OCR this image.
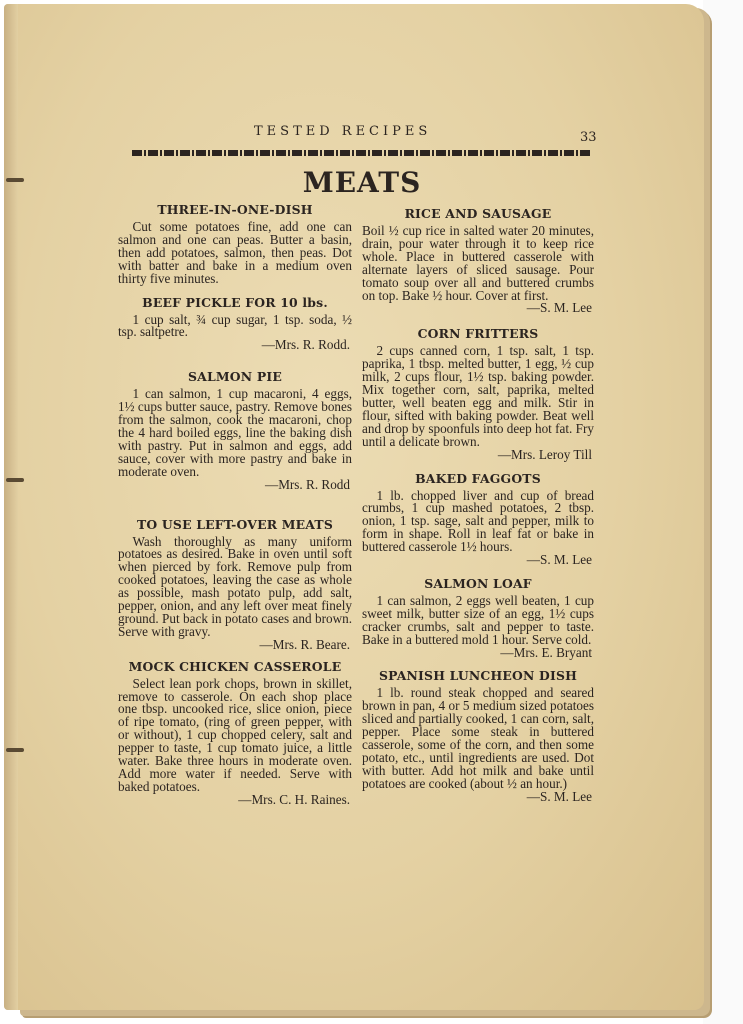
TESTED RECIPES	33
MEATS
THREE-IN-ONE-DISH

Cut some potatoes fine, add one can salmon and one can peas. Butter a basin, then add potatoes, salmon, then peas. Dot with batter and bake in a medium oven thirty five minutes.

BEEF PICKLE FOR 10 lbs.

1 cup salt, ¾ cup sugar, 1 tsp. soda, ½ tsp. saltpetre.

—Mrs. R. Rodd.

SALMON PIE

1 can salmon, 1 cup macaroni, 4 eggs, 1½ cups butter sauce, pastry. Remove bones from the salmon, cook the macaroni, chop the 4 hard boiled eggs, line the baking dish with pastry. Put in salmon and eggs, add sauce, cover with more pastry and bake in moderate oven.

—Mrs. R. Rodd

TO USE LEFT-OVER MEATS

Wash thoroughly as many uniform potatoes as desired. Bake in oven until soft when pierced by fork. Remove pulp from cooked potatoes, leaving the case as whole as possible, mash potato pulp, add salt, pepper, onion, and any left over meat finely ground. Put back in potato cases and brown. Serve with gravy.

—Mrs. R. Beare.

MOCK CHICKEN CASSEROLE

Select lean pork chops, brown in skillet, remove to casserole. On each shop place one tbsp. uncooked rice, slice onion, piece of ripe tomato, (ring of green pepper, with or without), 1 cup chopped celery, salt and pepper to taste, 1 cup tomato juice, a little water. Bake three hours in moderate oven. Add more water if needed. Serve with baked potatoes.

—Mrs. C. H. Raines.

RICE AND SAUSAGE

Boil ½ cup rice in salted water 20 minutes, drain, pour water through it to keep rice whole. Place in buttered casserole with alternate layers of sliced sausage. Pour tomato soup over all and buttered crumbs on top. Bake ½ hour. Cover at first.

—S. M. Lee

CORN FRITTERS

2 cups canned corn, 1 tsp. salt, 1 tsp. paprika, 1 tbsp. melted butter, 1 egg, ½ cup milk, 2 cups flour, 1½ tsp. baking powder. Mix together corn, salt, paprika, melted butter, well beaten egg and milk. Stir in flour, sifted with baking powder. Beat well and drop by spoonfuls into deep hot fat. Fry until a delicate brown.

—Mrs. Leroy Till

BAKED FAGGOTS

1 lb. chopped liver and cup of bread crumbs, 1 cup mashed potatoes, 2 tbsp. onion, 1 tsp. sage, salt and pepper, milk to form in shape. Roll in leaf fat or bake in buttered casserole 1½ hours.

—S. M. Lee

SALMON LOAF

1 can salmon, 2 eggs well beaten, 1 cup sweet milk, butter size of an egg, 1½ cups cracker crumbs, salt and pepper to taste. Bake in a buttered mold 1 hour. Serve cold.

—Mrs. E. Bryant

SPANISH LUNCHEON DISH

1 lb. round steak chopped and seared brown in pan, 4 or 5 medium sized potatoes sliced and partially cooked, 1 can corn, salt, pepper. Place some steak in buttered casserole, some of the corn, and then some potato, etc., until ingredients are used. Dot with butter. Add hot milk and bake until potatoes are cooked (about ½ an hour.)

—S. M. Lee
